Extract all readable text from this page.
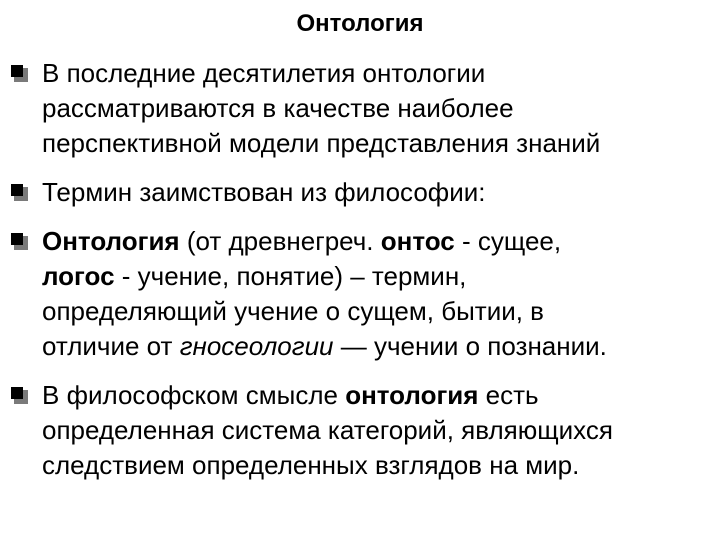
Онтология
В последние десятилетия онтологии
рассматриваются в качестве наиболее
перспективной модели представления знаний
Термин заимствован из философии:
Онтология (от древнегреч. онтос - сущее,
логос - учение, понятие) – термин,
определяющий учение о сущем, бытии, в
отличие от гносеологии — учении о познании.
В философском смысле онтология есть
определенная система категорий, являющихся
следствием определенных взглядов на мир.
